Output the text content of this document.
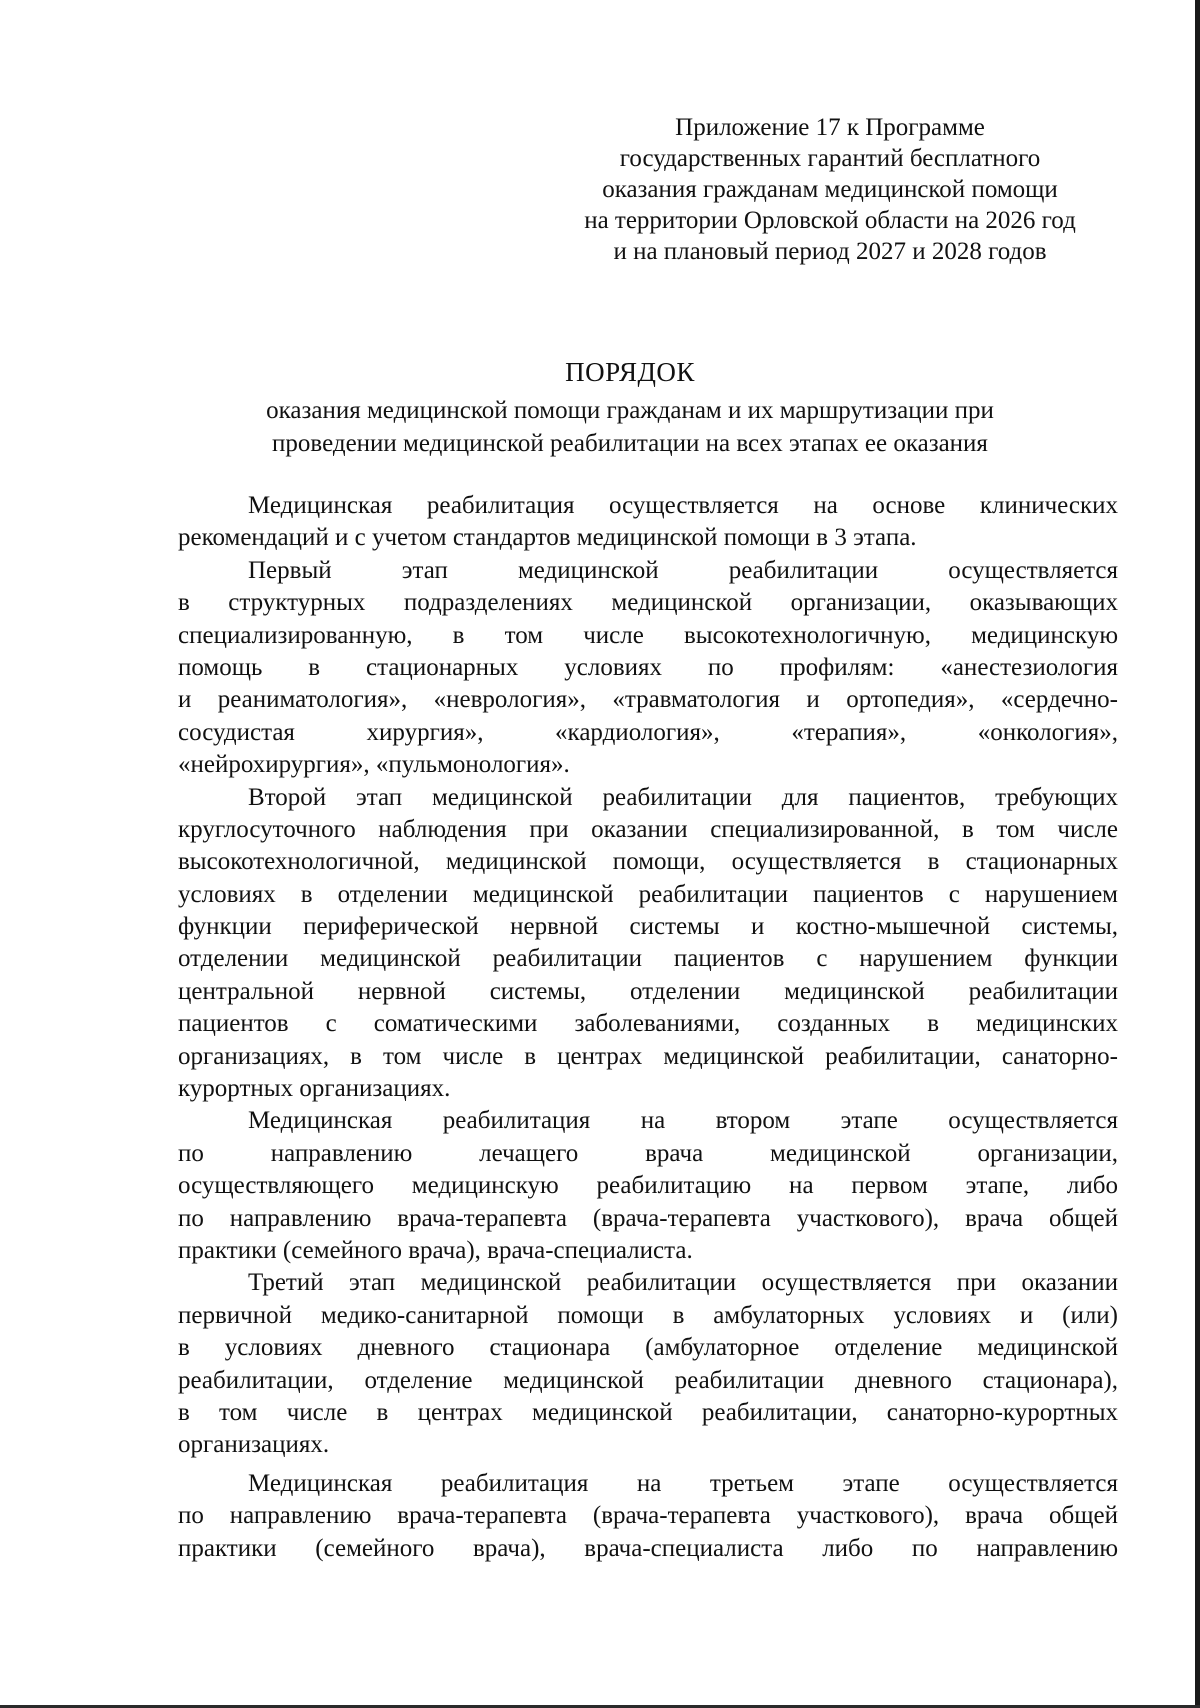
Приложение 17 к Программе
государственных гарантий бесплатного
оказания гражданам медицинской помощи
на территории Орловской области на 2026 год
и на плановый период 2027 и 2028 годов
ПОРЯДОК
оказания медицинской помощи гражданам и их маршрутизации при
проведении медицинской реабилитации на всех этапах ее оказания
Медицинская реабилитация осуществляется на основе клинических
рекомендаций и с учетом стандартов медицинской помощи в 3 этапа.
Первый этап медицинской реабилитации осуществляется
в структурных подразделениях медицинской организации, оказывающих
специализированную, в том числе высокотехнологичную, медицинскую
помощь в стационарных условиях по профилям: «анестезиология
и реаниматология», «неврология», «травматология и ортопедия», «сердечно-
сосудистая хирургия», «кардиология», «терапия», «онкология»,
«нейрохирургия», «пульмонология».
Второй этап медицинской реабилитации для пациентов, требующих
круглосуточного наблюдения при оказании специализированной, в том числе
высокотехнологичной, медицинской помощи, осуществляется в стационарных
условиях в отделении медицинской реабилитации пациентов с нарушением
функции периферической нервной системы и костно-мышечной системы,
отделении медицинской реабилитации пациентов с нарушением функции
центральной нервной системы, отделении медицинской реабилитации
пациентов с соматическими заболеваниями, созданных в медицинских
организациях, в том числе в центрах медицинской реабилитации, санаторно-
курортных организациях.
Медицинская реабилитация на втором этапе осуществляется
по направлению лечащего врача медицинской организации,
осуществляющего медицинскую реабилитацию на первом этапе, либо
по направлению врача-терапевта (врача-терапевта участкового), врача общей
практики (семейного врача), врача-специалиста.
Третий этап медицинской реабилитации осуществляется при оказании
первичной медико-санитарной помощи в амбулаторных условиях и (или)
в условиях дневного стационара (амбулаторное отделение медицинской
реабилитации, отделение медицинской реабилитации дневного стационара),
в том числе в центрах медицинской реабилитации, санаторно-курортных
организациях.
Медицинская реабилитация на третьем этапе осуществляется
по направлению врача-терапевта (врача-терапевта участкового), врача общей
практики (семейного врача), врача-специалиста либо по направлению
